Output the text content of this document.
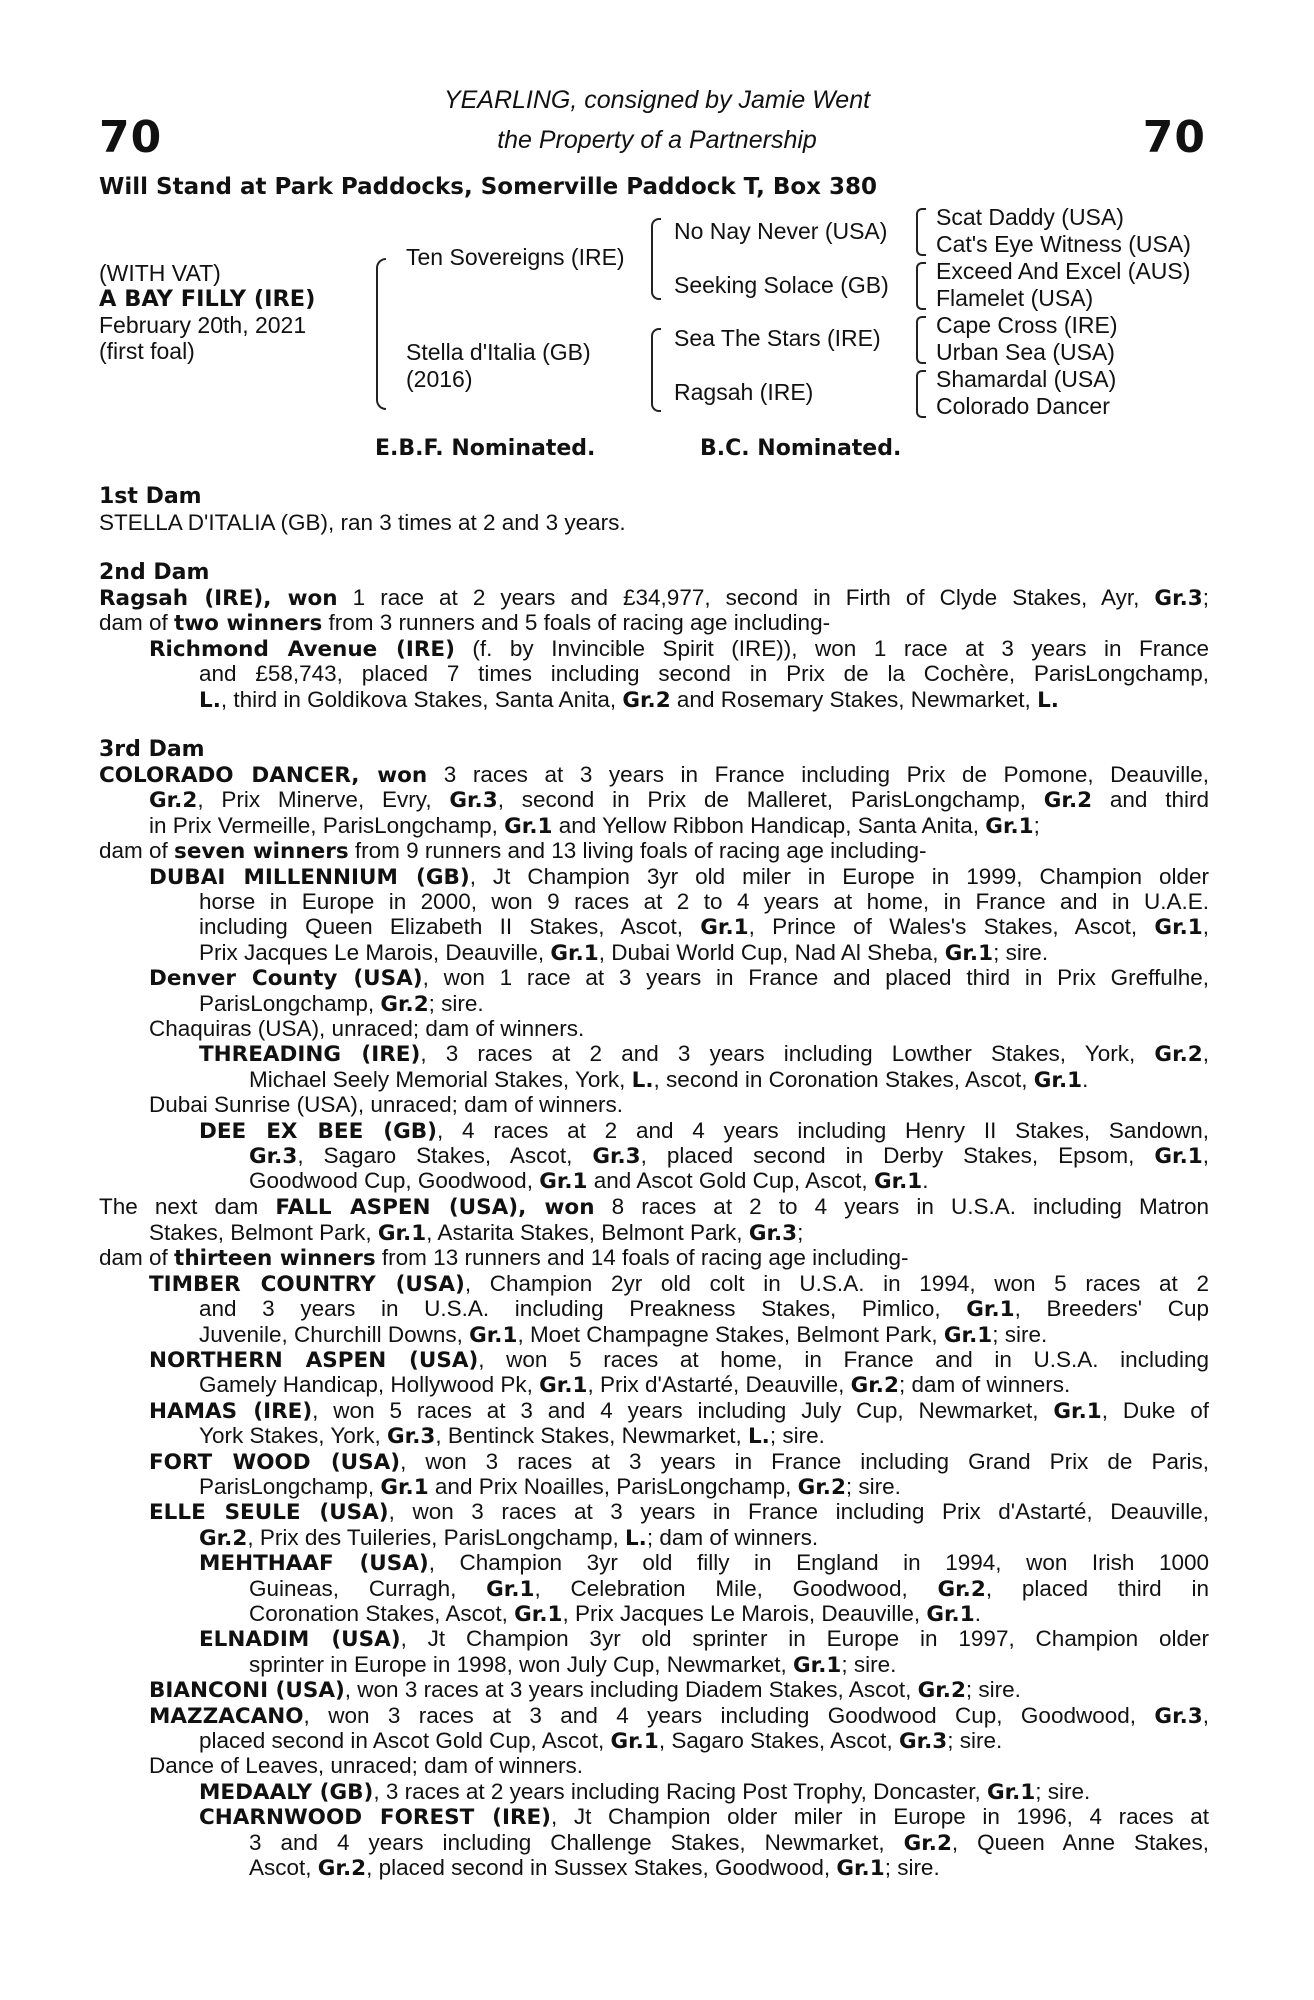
70	70
YEARLING, consigned by Jamie Went
the Property of a Partnership
Will Stand at Park Paddocks, Somerville Paddock T, Box 380
(WITH VAT)
A BAY FILLY (IRE)
February 20th, 2021
(first foal)
Ten Sovereigns (IRE)
Stella d'Italia (GB)
(2016)
No Nay Never (USA)
Seeking Solace (GB)
Sea The Stars (IRE)
Ragsah (IRE)
Scat Daddy (USA)
Cat's Eye Witness (USA)
Exceed And Excel (AUS)
Flamelet (USA)
Cape Cross (IRE)
Urban Sea (USA)
Shamardal (USA)
Colorado Dancer
E.B.F. Nominated.	B.C. Nominated.
1st Dam
2nd Dam
3rd Dam
STELLA D'ITALIA (GB), ran 3 times at 2 and 3 years.
Ragsah (IRE), won 1 race at 2 years and £34,977, second in Firth of Clyde Stakes, Ayr, Gr.3;
dam of two winners from 3 runners and 5 foals of racing age including-
Richmond Avenue (IRE) (f. by Invincible Spirit (IRE)), won 1 race at 3 years in France
and £58,743, placed 7 times including second in Prix de la Cochère, ParisLongchamp,
L., third in Goldikova Stakes, Santa Anita, Gr.2 and Rosemary Stakes, Newmarket, L.
COLORADO DANCER, won 3 races at 3 years in France including Prix de Pomone, Deauville,
Gr.2, Prix Minerve, Evry, Gr.3, second in Prix de Malleret, ParisLongchamp, Gr.2 and third
in Prix Vermeille, ParisLongchamp, Gr.1 and Yellow Ribbon Handicap, Santa Anita, Gr.1;
dam of seven winners from 9 runners and 13 living foals of racing age including-
DUBAI MILLENNIUM (GB), Jt Champion 3yr old miler in Europe in 1999, Champion older
horse in Europe in 2000, won 9 races at 2 to 4 years at home, in France and in U.A.E.
including Queen Elizabeth II Stakes, Ascot, Gr.1, Prince of Wales's Stakes, Ascot, Gr.1,
Prix Jacques Le Marois, Deauville, Gr.1, Dubai World Cup, Nad Al Sheba, Gr.1; sire.
Denver County (USA), won 1 race at 3 years in France and placed third in Prix Greffulhe,
ParisLongchamp, Gr.2; sire.
Chaquiras (USA), unraced; dam of winners.
THREADING (IRE), 3 races at 2 and 3 years including Lowther Stakes, York, Gr.2,
Michael Seely Memorial Stakes, York, L., second in Coronation Stakes, Ascot, Gr.1.
Dubai Sunrise (USA), unraced; dam of winners.
DEE EX BEE (GB), 4 races at 2 and 4 years including Henry II Stakes, Sandown,
Gr.3, Sagaro Stakes, Ascot, Gr.3, placed second in Derby Stakes, Epsom, Gr.1,
Goodwood Cup, Goodwood, Gr.1 and Ascot Gold Cup, Ascot, Gr.1.
The next dam FALL ASPEN (USA), won 8 races at 2 to 4 years in U.S.A. including Matron
Stakes, Belmont Park, Gr.1, Astarita Stakes, Belmont Park, Gr.3;
dam of thirteen winners from 13 runners and 14 foals of racing age including-
TIMBER COUNTRY (USA), Champion 2yr old colt in U.S.A. in 1994, won 5 races at 2
and 3 years in U.S.A. including Preakness Stakes, Pimlico, Gr.1, Breeders' Cup
Juvenile, Churchill Downs, Gr.1, Moet Champagne Stakes, Belmont Park, Gr.1; sire.
NORTHERN ASPEN (USA), won 5 races at home, in France and in U.S.A. including
Gamely Handicap, Hollywood Pk, Gr.1, Prix d'Astarté, Deauville, Gr.2; dam of winners.
HAMAS (IRE), won 5 races at 3 and 4 years including July Cup, Newmarket, Gr.1, Duke of
York Stakes, York, Gr.3, Bentinck Stakes, Newmarket, L.; sire.
FORT WOOD (USA), won 3 races at 3 years in France including Grand Prix de Paris,
ParisLongchamp, Gr.1 and Prix Noailles, ParisLongchamp, Gr.2; sire.
ELLE SEULE (USA), won 3 races at 3 years in France including Prix d'Astarté, Deauville,
Gr.2, Prix des Tuileries, ParisLongchamp, L.; dam of winners.
MEHTHAAF (USA), Champion 3yr old filly in England in 1994, won Irish 1000
Guineas, Curragh, Gr.1, Celebration Mile, Goodwood, Gr.2, placed third in
Coronation Stakes, Ascot, Gr.1, Prix Jacques Le Marois, Deauville, Gr.1.
ELNADIM (USA), Jt Champion 3yr old sprinter in Europe in 1997, Champion older
sprinter in Europe in 1998, won July Cup, Newmarket, Gr.1; sire.
BIANCONI (USA), won 3 races at 3 years including Diadem Stakes, Ascot, Gr.2; sire.
MAZZACANO, won 3 races at 3 and 4 years including Goodwood Cup, Goodwood, Gr.3,
placed second in Ascot Gold Cup, Ascot, Gr.1, Sagaro Stakes, Ascot, Gr.3; sire.
Dance of Leaves, unraced; dam of winners.
MEDAALY (GB), 3 races at 2 years including Racing Post Trophy, Doncaster, Gr.1; sire.
CHARNWOOD FOREST (IRE), Jt Champion older miler in Europe in 1996, 4 races at
3 and 4 years including Challenge Stakes, Newmarket, Gr.2, Queen Anne Stakes,
Ascot, Gr.2, placed second in Sussex Stakes, Goodwood, Gr.1; sire.
